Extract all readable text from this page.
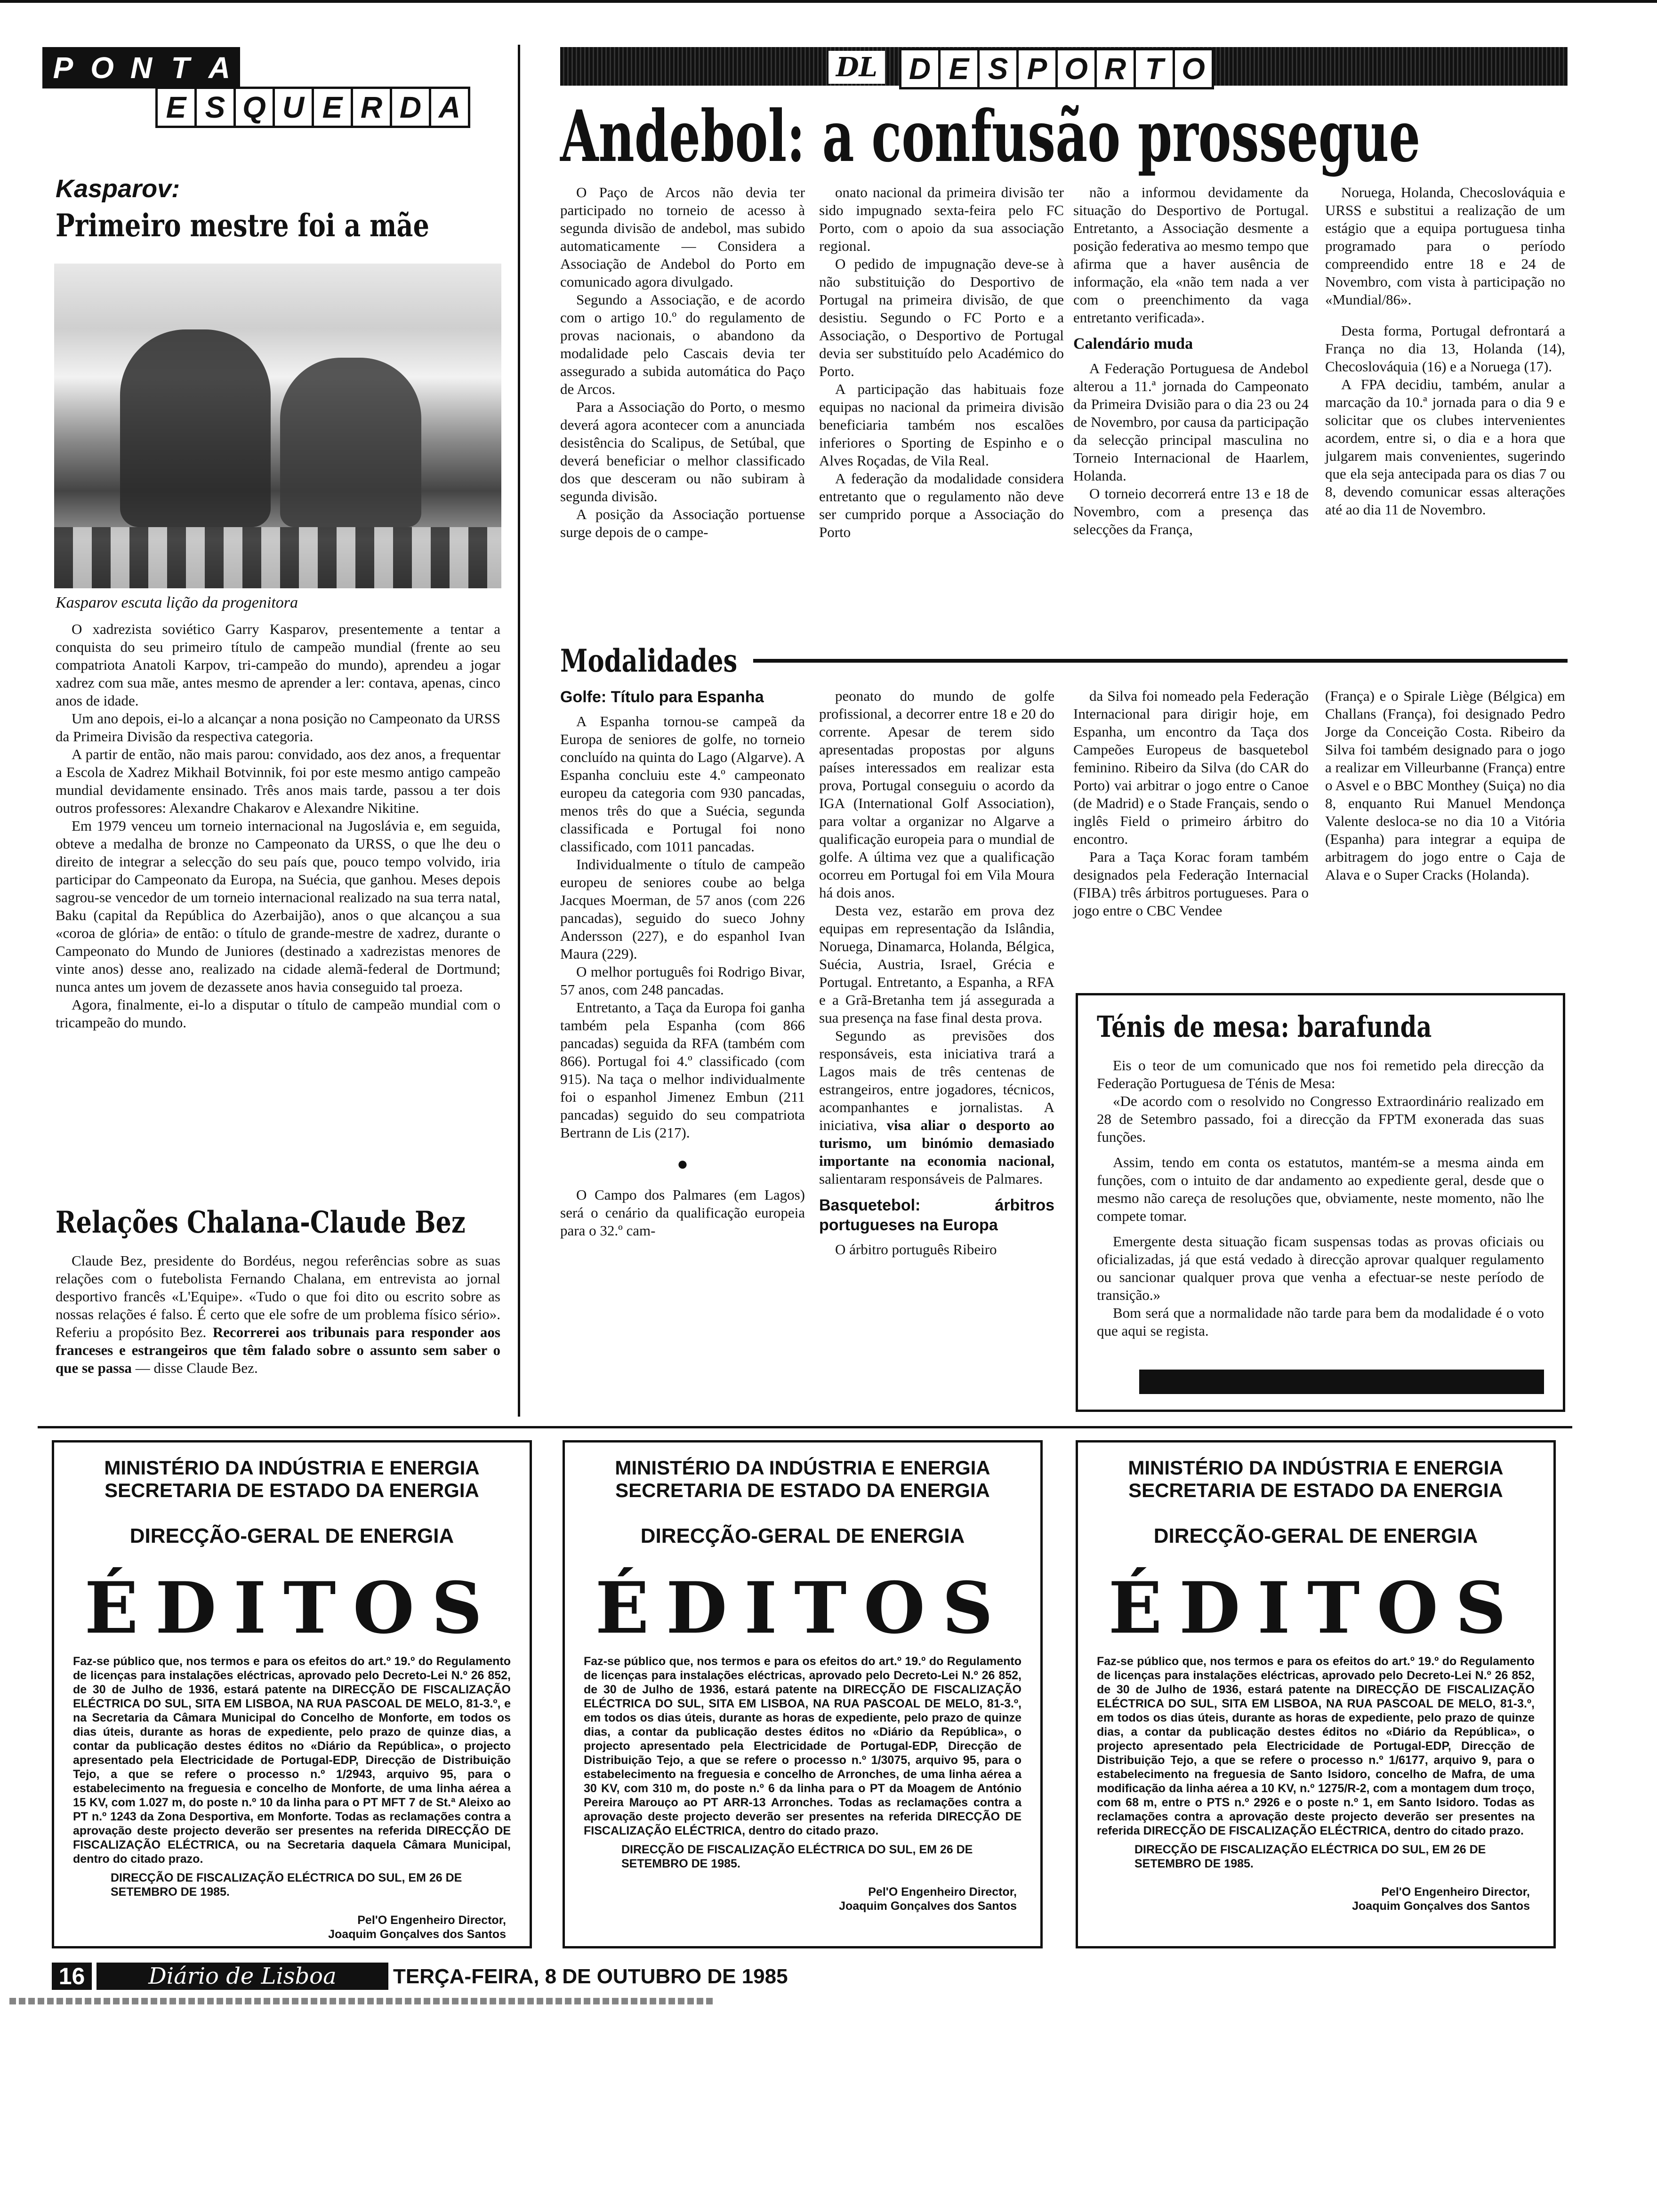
P O N T A
E S Q U E R D A
Kasparov:
Primeiro mestre foi a mãe
Kasparov escuta lição da progenitora

O xadrezista soviético Garry Kasparov, presentemente a tentar a conquista do seu primeiro título de campeão mundial (frente ao seu compatriota Anatoli Karpov, tri-campeão do mundo), aprendeu a jogar xadrez com sua mãe, antes mesmo de aprender a ler: contava, apenas, cinco anos de idade.

Um ano depois, ei-lo a alcançar a nona posição no Campeonato da URSS da Primeira Divisão da respectiva categoria.

A partir de então, não mais parou: convidado, aos dez anos, a frequentar a Escola de Xadrez Mikhail Botvinnik, foi por este mesmo antigo campeão mundial devidamente ensinado. Três anos mais tarde, passou a ter dois outros professores: Alexandre Chakarov e Alexandre Nikitine.

Em 1979 venceu um torneio internacional na Jugoslávia e, em seguida, obteve a medalha de bronze no Campeonato da URSS, o que lhe deu o direito de integrar a selecção do seu país que, pouco tempo volvido, iria participar do Campeonato da Europa, na Suécia, que ganhou. Meses depois sagrou-se vencedor de um torneio internacional realizado na sua terra natal, Baku (capital da República do Azerbaijão), anos o que alcançou a sua «coroa de glória» de então: o título de grande-mestre de xadrez, durante o Campeonato do Mundo de Juniores (destinado a xadrezistas menores de vinte anos) desse ano, realizado na cidade alemã-federal de Dortmund; nunca antes um jovem de dezassete anos havia conseguido tal proeza.

Agora, finalmente, ei-lo a disputar o título de campeão mundial com o tricampeão do mundo.

Relações Chalana-Claude Bez

Claude Bez, presidente do Bordéus, negou referências sobre as suas relações com o futebolista Fernando Chalana, em entrevista ao jornal desportivo francês «L'Equipe». «Tudo o que foi dito ou escrito sobre as nossas relações é falso. É certo que ele sofre de um problema físico sério». Referiu a propósito Bez. Recorrerei aos tribunais para responder aos franceses e estrangeiros que têm falado sobre o assunto sem saber o que se passa — disse Claude Bez.

DL	D E S P O R T O
Andebol: a confusão prossegue

O Paço de Arcos não devia ter participado no torneio de acesso à segunda divisão de andebol, mas subido automaticamente — Considera a Associação de Andebol do Porto em comunicado agora divulgado.

Segundo a Associação, e de acordo com o artigo 10.º do regulamento de provas nacionais, o abandono da modalidade pelo Cascais devia ter assegurado a subida automática do Paço de Arcos.

Para a Associação do Porto, o mesmo deverá agora acontecer com a anunciada desistência do Scalipus, de Setúbal, que deverá beneficiar o melhor classificado dos que desceram ou não subiram à segunda divisão.

A posição da Associação portuense surge depois de o campe-

onato nacional da primeira divisão ter sido impugnado sexta-feira pelo FC Porto, com o apoio da sua associação regional.

O pedido de impugnação deve-se à não substituição do Desportivo de Portugal na primeira divisão, de que desistiu. Segundo o FC Porto e a Associação, o Desportivo de Portugal devia ser substituído pelo Académico do Porto.

A participação das habituais foze equipas no nacional da primeira divisão beneficiaria também nos escalões inferiores o Sporting de Espinho e o Alves Roçadas, de Vila Real.

A federação da modalidade considera entretanto que o regulamento não deve ser cumprido porque a Associação do Porto

não a informou devidamente da situação do Desportivo de Portugal. Entretanto, a Associação desmente a posição federativa ao mesmo tempo que afirma que a haver ausência de informação, ela «não tem nada a ver com o preenchimento da vaga entretanto verificada».

Calendário muda

A Federação Portuguesa de Andebol alterou a 11.ª jornada do Campeonato da Primeira Dvisião para o dia 23 ou 24 de Novembro, por causa da participação da selecção principal masculina no Torneio Internacional de Haarlem, Holanda.

O torneio decorrerá entre 13 e 18 de Novembro, com a presença das selecções da França,

Noruega, Holanda, Checoslováquia e URSS e substitui a realização de um estágio que a equipa portuguesa tinha programado para o período compreendido entre 18 e 24 de Novembro, com vista à participação no «Mundial/86».

Desta forma, Portugal defrontará a França no dia 13, Holanda (14), Checoslováquia (16) e a Noruega (17).

A FPA decidiu, também, anular a marcação da 10.ª jornada para o dia 9 e solicitar que os clubes intervenientes acordem, entre si, o dia e a hora que julgarem mais convenientes, sugerindo que ela seja antecipada para os dias 7 ou 8, devendo comunicar essas alterações até ao dia 11 de Novembro.

Modalidades

Golfe: Título para Espanha

A Espanha tornou-se campeã da Europa de seniores de golfe, no torneio concluído na quinta do Lago (Algarve). A Espanha concluiu este 4.º campeonato europeu da categoria com 930 pancadas, menos três do que a Suécia, segunda classificada e Portugal foi nono classificado, com 1011 pancadas.

Individualmente o título de campeão europeu de seniores coube ao belga Jacques Moerman, de 57 anos (com 226 pancadas), seguido do sueco Johny Andersson (227), e do espanhol Ivan Maura (229).

O melhor português foi Rodrigo Bivar, 57 anos, com 248 pancadas.

Entretanto, a Taça da Europa foi ganha também pela Espanha (com 866 pancadas) seguida da RFA (também com 866). Portugal foi 4.º classificado (com 915). Na taça o melhor individualmente foi o espanhol Jimenez Embun (211 pancadas) seguido do seu compatriota Bertrann de Lis (217).

●

O Campo dos Palmares (em Lagos) será o cenário da qualificação europeia para o 32.º cam-

peonato do mundo de golfe profissional, a decorrer entre 18 e 20 do corrente. Apesar de terem sido apresentadas propostas por alguns países interessados em realizar esta prova, Portugal conseguiu o acordo da IGA (International Golf Association), para voltar a organizar no Algarve a qualificação europeia para o mundial de golfe. A última vez que a qualificação ocorreu em Portugal foi em Vila Moura há dois anos.

Desta vez, estarão em prova dez equipas em representação da Islândia, Noruega, Dinamarca, Holanda, Bélgica, Suécia, Austria, Israel, Grécia e Portugal. Entretanto, a Espanha, a RFA e a Grã-Bretanha tem já assegurada a sua presença na fase final desta prova.

Segundo as previsões dos responsáveis, esta iniciativa trará a Lagos mais de três centenas de estrangeiros, entre jogadores, técnicos, acompanhantes e jornalistas. A iniciativa, visa aliar o desporto ao turismo, um binómio demasiado importante na economia nacional, salientaram responsáveis de Palmares.

Basquetebol: árbitros portugueses na Europa

O árbitro português Ribeiro

da Silva foi nomeado pela Federação Internacional para dirigir hoje, em Espanha, um encontro da Taça dos Campeões Europeus de basquetebol feminino. Ribeiro da Silva (do CAR do Porto) vai arbitrar o jogo entre o Canoe (de Madrid) e o Stade Français, sendo o inglês Field o primeiro árbitro do encontro.

Para a Taça Korac foram também designados pela Federação Internacial (FIBA) três árbitros portugueses. Para o jogo entre o CBC Vendee

(França) e o Spirale Liège (Bélgica) em Challans (França), foi designado Pedro Jorge da Conceição Costa. Ribeiro da Silva foi também designado para o jogo a realizar em Villeurbanne (França) entre o Asvel e o BBC Monthey (Suiça) no dia 8, enquanto Rui Manuel Mendonça Valente desloca-se no dia 10 a Vitória (Espanha) para integrar a equipa de arbitragem do jogo entre o Caja de Alava e o Super Cracks (Holanda).

Ténis de mesa: barafunda

Eis o teor de um comunicado que nos foi remetido pela direcção da Federação Portuguesa de Ténis de Mesa:

«De acordo com o resolvido no Congresso Extraordinário realizado em 28 de Setembro passado, foi a direcção da FPTM exonerada das suas funções.

Assim, tendo em conta os estatutos, mantém-se a mesma ainda em funções, com o intuito de dar andamento ao expediente geral, desde que o mesmo não careça de resoluções que, obviamente, neste momento, não lhe compete tomar.

Emergente desta situação ficam suspensas todas as provas oficiais ou oficializadas, já que está vedado à direcção aprovar qualquer regulamento ou sancionar qualquer prova que venha a efectuar-se neste período de transição.»

Bom será que a normalidade não tarde para bem da modalidade é o voto que aqui se regista.

MINISTÉRIO DA INDÚSTRIA E ENERGIA
SECRETARIA DE ESTADO DA ENERGIA
DIRECÇÃO-GERAL DE ENERGIA
ÉDITOS
Faz-se público que, nos termos e para os efeitos do art.º 19.º do Regulamento de licenças para instalações eléctricas, aprovado pelo Decreto-Lei N.º 26 852, de 30 de Julho de 1936, estará patente na DIRECÇÃO DE FISCALIZAÇÃO ELÉCTRICA DO SUL, SITA EM LISBOA, NA RUA PASCOAL DE MELO, 81-3.º, e na Secretaria da Câmara Municipal do Concelho de Monforte, em todos os dias úteis, durante as horas de expediente, pelo prazo de quinze dias, a contar da publicação destes éditos no «Diário da República», o projecto apresentado pela Electricidade de Portugal-EDP, Direcção de Distribuição Tejo, a que se refere o processo n.º 1/2943, arquivo 95, para o estabelecimento na freguesia e concelho de Monforte, de uma linha aérea a 15 KV, com 1.027 m, do poste n.º 10 da linha para o PT MFT 7 de St.ª Aleixo ao PT n.º 1243 da Zona Desportiva, em Monforte. Todas as reclamações contra a aprovação deste projecto deverão ser presentes na referida DIRECÇÃO DE FISCALIZAÇÃO ELÉCTRICA, ou na Secretaria daquela Câmara Municipal, dentro do citado prazo.
DIRECÇÃO DE FISCALIZAÇÃO ELÉCTRICA DO SUL, EM 26 DE SETEMBRO DE 1985.
Pel'O Engenheiro Director,
Joaquim Gonçalves dos Santos
MINISTÉRIO DA INDÚSTRIA E ENERGIA
SECRETARIA DE ESTADO DA ENERGIA
DIRECÇÃO-GERAL DE ENERGIA
ÉDITOS
Faz-se público que, nos termos e para os efeitos do art.º 19.º do Regulamento de licenças para instalações eléctricas, aprovado pelo Decreto-Lei N.º 26 852, de 30 de Julho de 1936, estará patente na DIRECÇÃO DE FISCALIZAÇÃO ELÉCTRICA DO SUL, SITA EM LISBOA, NA RUA PASCOAL DE MELO, 81-3.º, em todos os dias úteis, durante as horas de expediente, pelo prazo de quinze dias, a contar da publicação destes éditos no «Diário da República», o projecto apresentado pela Electricidade de Portugal-EDP, Direcção de Distribuição Tejo, a que se refere o processo n.º 1/3075, arquivo 95, para o estabelecimento na freguesia e concelho de Arronches, de uma linha aérea a 30 KV, com 310 m, do poste n.º 6 da linha para o PT da Moagem de António Pereira Marouço ao PT ARR-13 Arronches. Todas as reclamações contra a aprovação deste projecto deverão ser presentes na referida DIRECÇÃO DE FISCALIZAÇÃO ELÉCTRICA, dentro do citado prazo.
DIRECÇÃO DE FISCALIZAÇÃO ELÉCTRICA DO SUL, EM 26 DE SETEMBRO DE 1985.
Pel'O Engenheiro Director,
Joaquim Gonçalves dos Santos
MINISTÉRIO DA INDÚSTRIA E ENERGIA
SECRETARIA DE ESTADO DA ENERGIA
DIRECÇÃO-GERAL DE ENERGIA
ÉDITOS
Faz-se público que, nos termos e para os efeitos do art.º 19.º do Regulamento de licenças para instalações eléctricas, aprovado pelo Decreto-Lei N.º 26 852, de 30 de Julho de 1936, estará patente na DIRECÇÃO DE FISCALIZAÇÃO ELÉCTRICA DO SUL, SITA EM LISBOA, NA RUA PASCOAL DE MELO, 81-3.º, em todos os dias úteis, durante as horas de expediente, pelo prazo de quinze dias, a contar da publicação destes éditos no «Diário da República», o projecto apresentado pela Electricidade de Portugal-EDP, Direcção de Distribuição Tejo, a que se refere o processo n.º 1/6177, arquivo 9, para o estabelecimento na freguesia de Santo Isidoro, concelho de Mafra, de uma modificação da linha aérea a 10 KV, n.º 1275/R-2, com a montagem dum troço, com 68 m, entre o PTS n.º 2926 e o poste n.º 1, em Santo Isidoro. Todas as reclamações contra a aprovação deste projecto deverão ser presentes na referida DIRECÇÃO DE FISCALIZAÇÃO ELÉCTRICA, dentro do citado prazo.
DIRECÇÃO DE FISCALIZAÇÃO ELÉCTRICA DO SUL, EM 26 DE SETEMBRO DE 1985.
Pel'O Engenheiro Director,
Joaquim Gonçalves dos Santos
16	Diário de Lisboa	TERÇA-FEIRA, 8 DE OUTUBRO DE 1985
